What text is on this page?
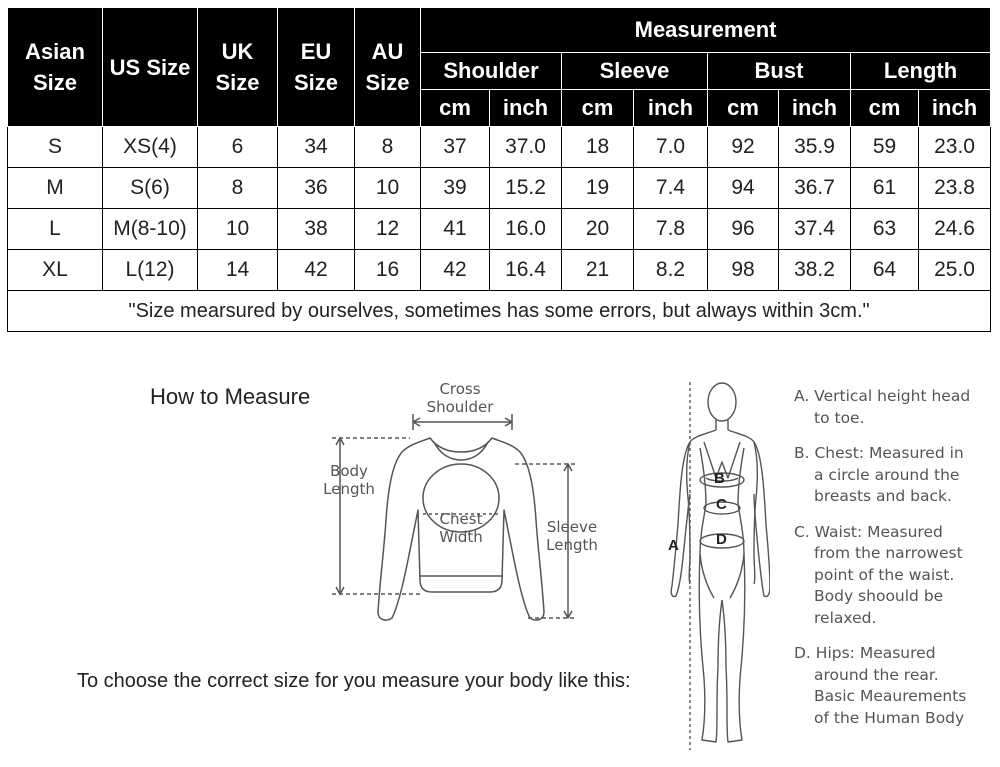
Asian Size	US Size	UK Size	EU Size	AU Size	Measurement							
					Shoulder		Sleeve		Bust		Length	
					cm	inch	cm	inch	cm	inch	cm	inch
S	XS(4)	6	34	8	37	37.0	18	7.0	92	35.9	59	23.0
M	S(6)	8	36	10	39	15.2	19	7.4	94	36.7	61	23.8
L	M(8-10)	10	38	12	41	16.0	20	7.8	96	37.4	63	24.6
XL	L(12)	14	42	16	42	16.4	21	8.2	98	38.2	64	25.0
"Size mearsured by ourselves, sometimes has some errors, but always within 3cm."												
How to Measure
To choose the correct size for you measure your body like this:
Cross Shoulder
Body Length
Chest Width
Sleeve Length
B
C
D
A
A. Vertical height head to toe.
B. Chest: Measured in a circle around the breasts and back.
C. Waist: Measured from the narrowest point of the waist. Body shoould be relaxed.
D. Hips: Measured around the rear. Basic Meaurements of the Human Body
